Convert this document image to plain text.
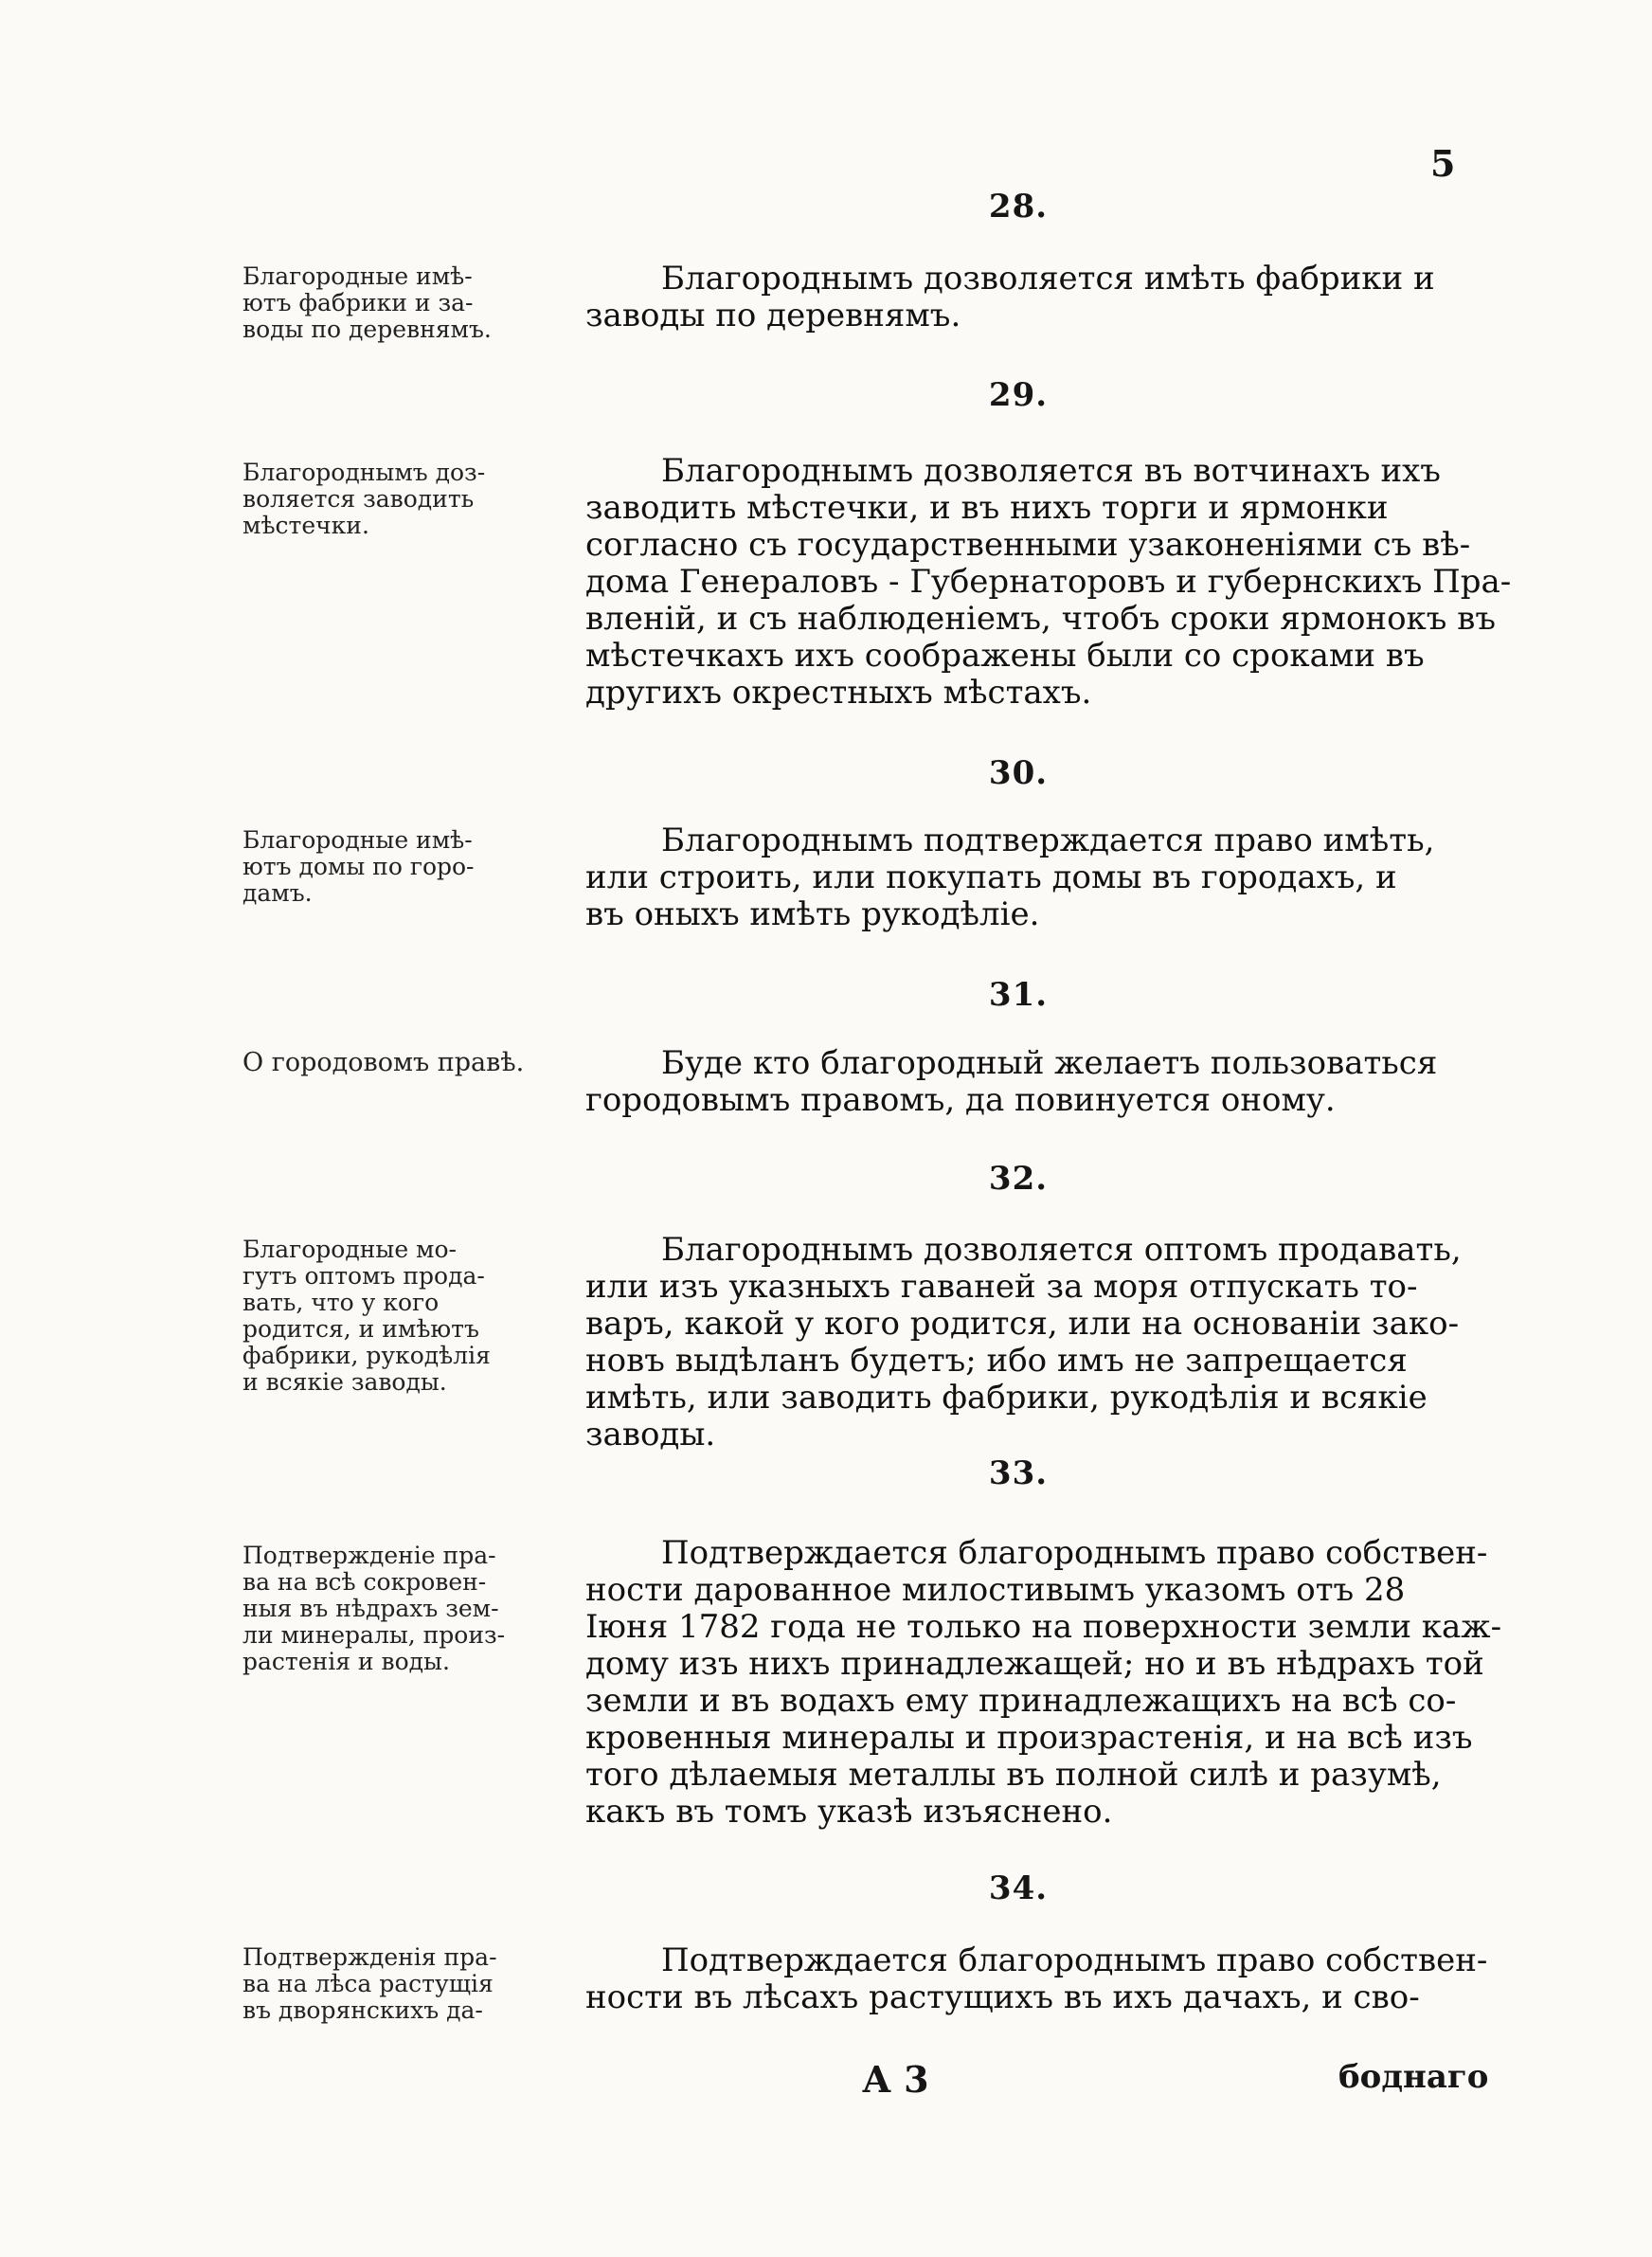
5
28.
Благородные имѣ-
ютъ фабрики и за-
воды по деревнямъ.
Благороднымъ дозволяется имѣть фабрики и
заводы по деревнямъ.
29.
Благороднымъ доз-
воляется заводить
мѣстечки.
Благороднымъ дозволяется въ вотчинахъ ихъ
заводить мѣстечки, и въ нихъ торги и ярмонки
согласно съ государственными узаконеніями съ вѣ-
дома Генераловъ - Губернаторовъ и губернскихъ Пра-
вленій, и съ наблюденіемъ, чтобъ сроки ярмонокъ въ
мѣстечкахъ ихъ соображены были со сроками въ
другихъ окрестныхъ мѣстахъ.
30.
Благородные имѣ-
ютъ домы по горо-
дамъ.
Благороднымъ подтверждается право имѣть,
или строить, или покупать домы въ городахъ, и
въ оныхъ имѣть рукодѣліе.
31.
О городовомъ правѣ.	Буде кто благородный желаетъ пользоваться
городовымъ правомъ, да повинуется оному.
32.
Благородные мо-
гутъ оптомъ прода-
вать, что у кого
родится, и имѣютъ
фабрики, рукодѣлія
и всякіе заводы.
Благороднымъ дозволяется оптомъ продавать,
или изъ указныхъ гаваней за моря отпускать то-
варъ, какой у кого родится, или на основаніи зако-
новъ выдѣланъ будетъ; ибо имъ не запрещается
имѣть, или заводить фабрики, рукодѣлія и всякіе
заводы.
33.
Подтвержденіе пра-
ва на всѣ сокровен-
ныя въ нѣдрахъ зем-
ли минералы, произ-
растенія и воды.
Подтверждается благороднымъ право собствен-
ности дарованное милостивымъ указомъ отъ 28
Іюня 1782 года не только на поверхности земли каж-
дому изъ нихъ принадлежащей; но и въ нѣдрахъ той
земли и въ водахъ ему принадлежащихъ на всѣ со-
кровенныя минералы и произрастенія, и на всѣ изъ
того дѣлаемыя металлы въ полной силѣ и разумѣ,
какъ въ томъ указѣ изъяснено.
34.
Подтвержденія пра-
ва на лѣса растущія
въ дворянскихъ да-
Подтверждается благороднымъ право собствен-
ности въ лѣсахъ растущихъ въ ихъ дачахъ, и сво-
А 3	боднаго
